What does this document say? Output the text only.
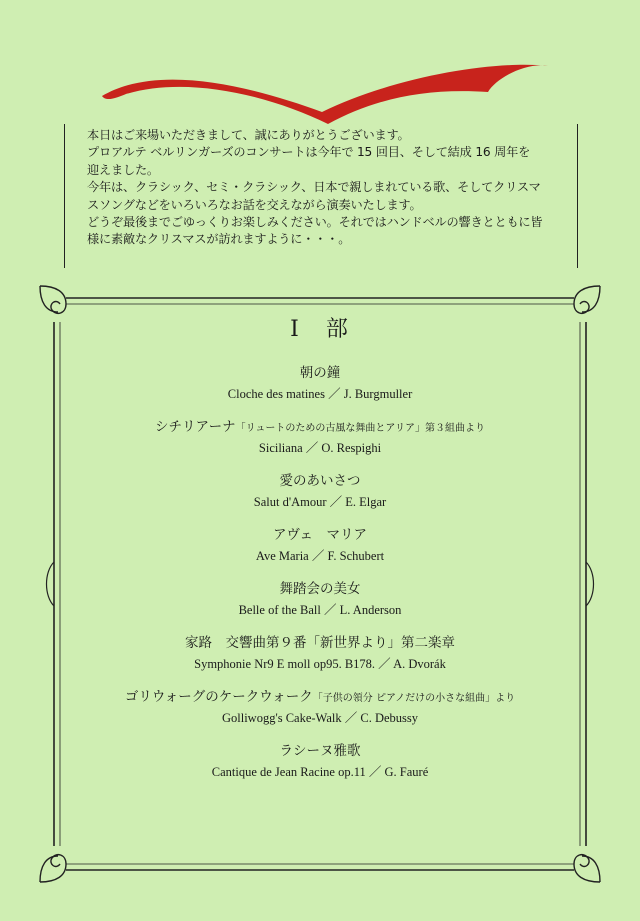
本日はご来場いただきまして、誠にありがとうございます。
プロアルテ ベルリンガーズのコンサートは今年で 15 回目、そして結成 16 周年を
迎えました。
今年は、クラシック、セミ・クラシック、日本で親しまれている歌、そしてクリスマ
スソングなどをいろいろなお話を交えながら演奏いたします。
どうぞ最後までごゆっくりお楽しみください。それではハンドベルの響きとともに皆
様に素敵なクリスマスが訪れますように・・・。
Ⅰ 部
朝の鐘
Cloche des matines ／ J. Burgmuller
シチリアーナ「リュートのための古風な舞曲とアリア」第３組曲より
Siciliana ／ O. Respighi
愛のあいさつ
Salut d'Amour ／ E. Elgar
アヴェ　マリア
Ave Maria ／ F. Schubert
舞踏会の美女
Belle of the Ball ／ L. Anderson
家路　交響曲第９番「新世界より」第二楽章
Symphonie Nr9 E moll op95. B178. ／ A. Dvorák
ゴリウォーグのケークウォーク「子供の領分 ピアノだけの小さな組曲」より
Golliwogg's Cake-Walk ／ C. Debussy
ラシーヌ雅歌
Cantique de Jean Racine op.11 ／ G. Fauré
